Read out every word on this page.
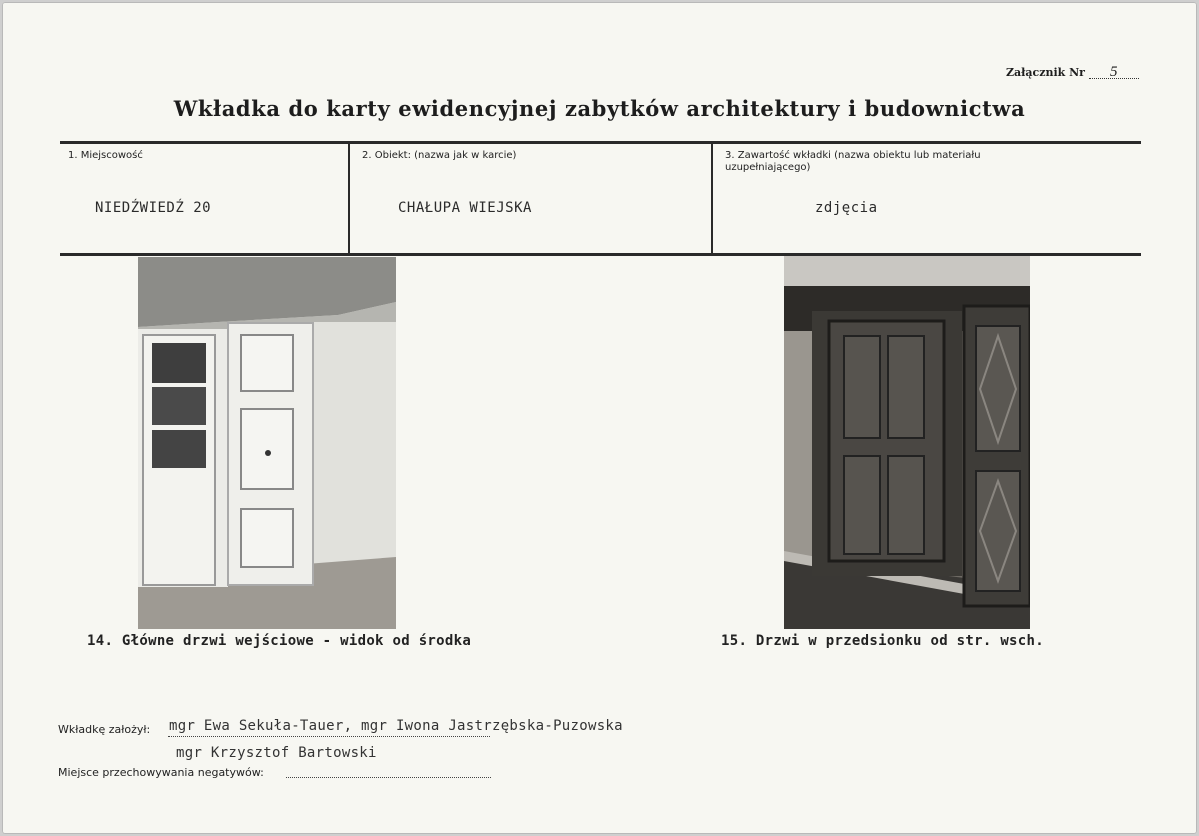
Załącznik Nr 5
Wkładka do karty ewidencyjnej zabytków architektury i budownictwa
1. Miejscowość
NIEDŹWIEDŹ 20
2. Obiekt: (nazwa jak w karcie)
CHAŁUPA WIEJSKA
3. Zawartość wkładki (nazwa obiektu lub materiału uzupełniającego)
zdjęcia
14. Główne drzwi wejściowe - widok od środka	15. Drzwi w przedsionku od str. wsch.
Wkładkę założył: mgr Ewa Sekuła-Tauer, mgr Iwona Jastrzębska-Puzowska
mgr Krzysztof Bartowski
Miejsce przechowywania negatywów:
